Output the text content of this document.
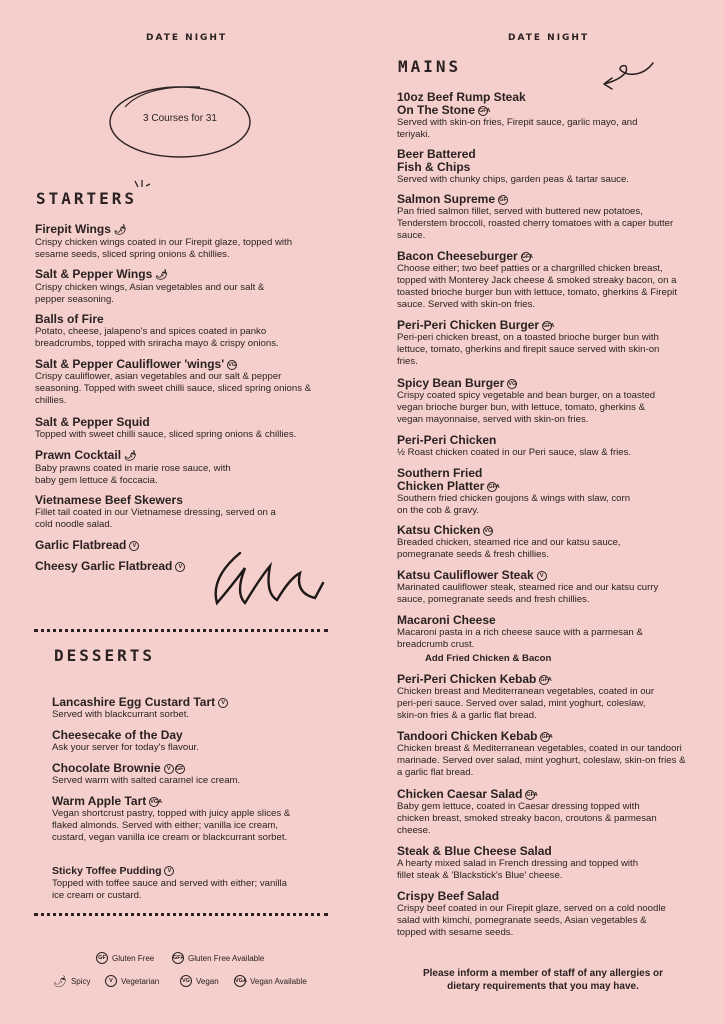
DATE NIGHT	DATE NIGHT
3 Courses for 31
STARTERS
Firepit Wings 🌶
Crispy chicken wings coated in our Firepit glaze, topped with sesame seeds, sliced spring onions & chillies.
Salt & Pepper Wings 🌶
Crispy chicken wings, Asian vegetables and our salt & pepper seasoning.
Balls of Fire
Potato, cheese, jalapeno's and spices coated in panko breadcrumbs, topped with sriracha mayo & crispy onions.
Salt & Pepper Cauliflower 'wings' VG
Crispy cauliflower, asian vegetables and our salt & pepper seasoning. Topped with sweet chilli sauce, sliced spring onions & chillies.
Salt & Pepper Squid
Topped with sweet chilli sauce, sliced spring onions & chillies.
Prawn Cocktail 🌶
Baby prawns coated in marie rose sauce, with baby gem lettuce & foccacia.
Vietnamese Beef Skewers
Fillet tail coated in our Vietnamese dressing, served on a cold noodle salad.
Garlic Flatbread V
Cheesy Garlic Flatbread V
DESSERTS
Lancashire Egg Custard Tart V
Served with blackcurrant sorbet.
Cheesecake of the Day
Ask your server for today's flavour.
Chocolate Brownie V GF
Served warm with salted caramel ice cream.
Warm Apple Tart VGA
Vegan shortcrust pastry, topped with juicy apple slices & flaked almonds. Served with either; vanilla ice cream, custard, vegan vanilla ice cream or blackcurrant sorbet.
Sticky Toffee Pudding V
Topped with toffee sauce and served with either; vanilla ice cream or custard.
GF Gluten Free	GFA Gluten Free Available
🌶 Spicy	V	Vegetarian	VG Vegan	VGA Vegan Available
MAINS
10oz Beef Rump Steak On The Stone GFA
Served with skin-on fries, Firepit sauce, garlic mayo, and teriyaki.
Beer Battered Fish & Chips
Served with chunky chips, garden peas & tartar sauce.
Salmon Supreme GF
Pan fried salmon fillet, served with buttered new potatoes, Tenderstem broccoli, roasted cherry tomatoes with a caper butter sauce.
Bacon Cheeseburger GFA
Choose either; two beef patties or a chargrilled chicken breast, topped with Monterey Jack cheese & smoked streaky bacon, on a toasted brioche burger bun with lettuce, tomato, gherkins & Firepit sauce. Served with skin-on fries.
Peri-Peri Chicken Burger GFA
Peri-peri chicken breast, on a toasted brioche burger bun with lettuce, tomato, gherkins and firepit sauce served with skin-on fries.
Spicy Bean Burger VG
Crispy coated spicy vegetable and bean burger, on a toasted vegan brioche burger bun, with lettuce, tomato, gherkins & vegan mayonnaise, served with skin-on fries.
Peri-Peri Chicken
½ Roast chicken coated in our Peri sauce, slaw & fries.
Southern Fried Chicken Platter GFA
Southern fried chicken goujons & wings with slaw, corn on the cob & gravy.
Katsu Chicken VG
Breaded chicken, steamed rice and our katsu sauce, pomegranate seeds & fresh chillies.
Katsu Cauliflower Steak V
Marinated cauliflower steak, steamed rice and our katsu curry sauce, pomegranate seeds and fresh chillies.
Macaroni Cheese
Macaroni pasta in a rich cheese sauce with a parmesan & breadcrumb crust.
Add Fried Chicken & Bacon
Peri-Peri Chicken Kebab GFA
Chicken breast and Mediterranean vegetables, coated in our peri-peri sauce. Served over salad, mint yoghurt, coleslaw, skin-on fries & a garlic flat bread.
Tandoori Chicken Kebab GFA
Chicken breast & Mediterranean vegetables, coated in our tandoori marinade. Served over salad, mint yoghurt, coleslaw, skin-on fries & a garlic flat bread.
Chicken Caesar Salad GFA
Baby gem lettuce, coated in Caesar dressing topped with chicken breast, smoked streaky bacon, croutons & parmesan cheese.
Steak & Blue Cheese Salad
A hearty mixed salad in French dressing and topped with fillet steak & 'Blackstick's Blue' cheese.
Crispy Beef Salad
Crispy beef coated in our Firepit glaze, served on a cold noodle salad with kimchi, pomegranate seeds, Asian vegetables & topped with sesame seeds.
Please inform a member of staff of any allergies or dietary requirements that you may have.
